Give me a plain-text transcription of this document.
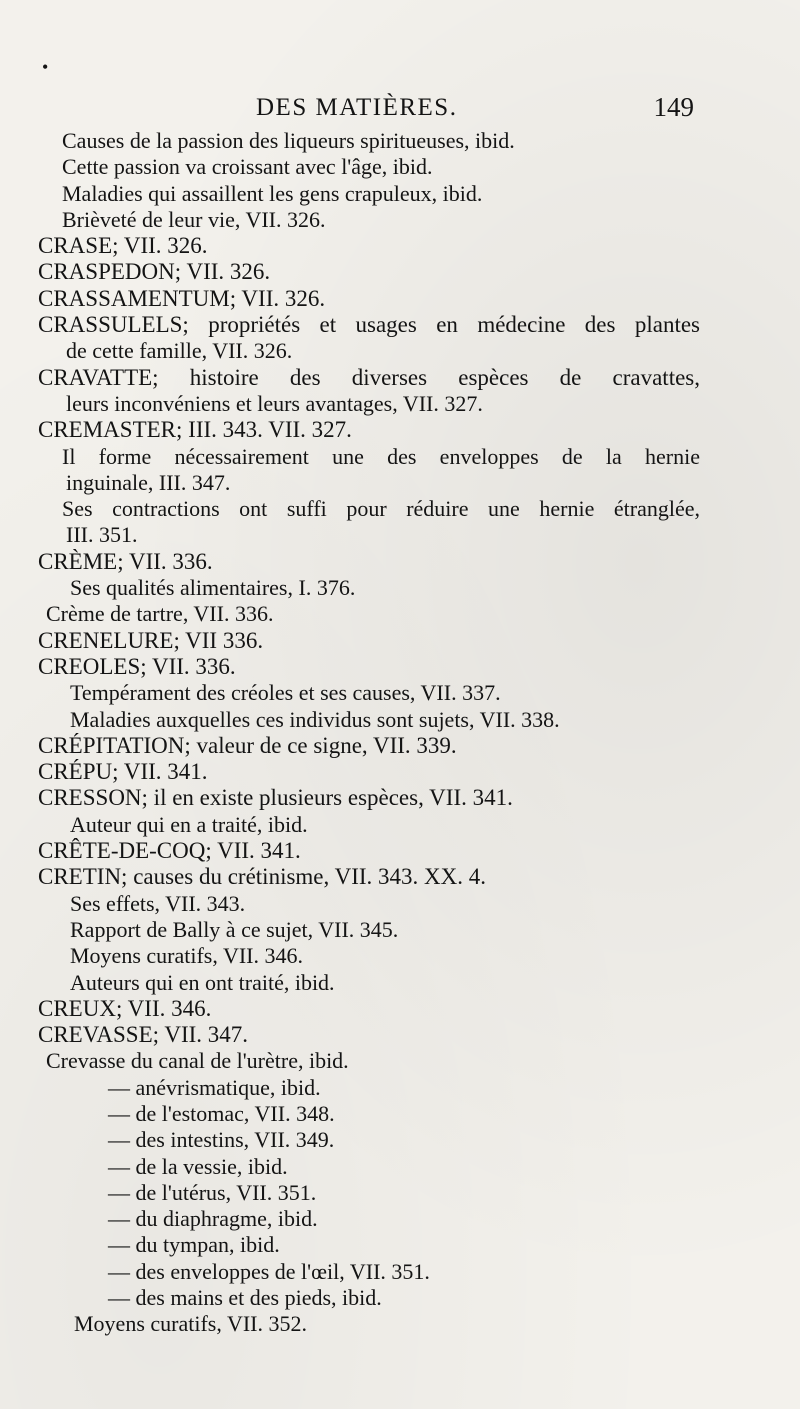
•
DES MATIÈRES.	149
Causes de la passion des liqueurs spiritueuses, ibid.
Cette passion va croissant avec l'âge, ibid.
Maladies qui assaillent les gens crapuleux, ibid.
Brièveté de leur vie, VII. 326.
CRASE; VII. 326.
CRASPEDON; VII. 326.
CRASSAMENTUM; VII. 326.
CRASSULELS; propriétés et usages en médecine des plantes
de cette famille, VII. 326.
CRAVATTE; histoire des diverses espèces de cravattes,
leurs inconvéniens et leurs avantages, VII. 327.
CREMASTER; III. 343. VII. 327.
Il forme nécessairement une des enveloppes de la hernie
inguinale, III. 347.
Ses contractions ont suffi pour réduire une hernie étranglée,
III. 351.
CRÈME; VII. 336.
Ses qualités alimentaires, I. 376.
Crème de tartre, VII. 336.
CRENELURE; VII 336.
CREOLES; VII. 336.
Tempérament des créoles et ses causes, VII. 337.
Maladies auxquelles ces individus sont sujets, VII. 338.
CRÉPITATION; valeur de ce signe, VII. 339.
CRÉPU; VII. 341.
CRESSON; il en existe plusieurs espèces, VII. 341.
Auteur qui en a traité, ibid.
CRÊTE-DE-COQ; VII. 341.
CRETIN; causes du crétinisme, VII. 343. XX. 4.
Ses effets, VII. 343.
Rapport de Bally à ce sujet, VII. 345.
Moyens curatifs, VII. 346.
Auteurs qui en ont traité, ibid.
CREUX; VII. 346.
CREVASSE; VII. 347.
Crevasse du canal de l'urètre, ibid.
— anévrismatique, ibid.
— de l'estomac, VII. 348.
— des intestins, VII. 349.
— de la vessie, ibid.
— de l'utérus, VII. 351.
— du diaphragme, ibid.
— du tympan, ibid.
— des enveloppes de l'œil, VII. 351.
— des mains et des pieds, ibid.
Moyens curatifs, VII. 352.
